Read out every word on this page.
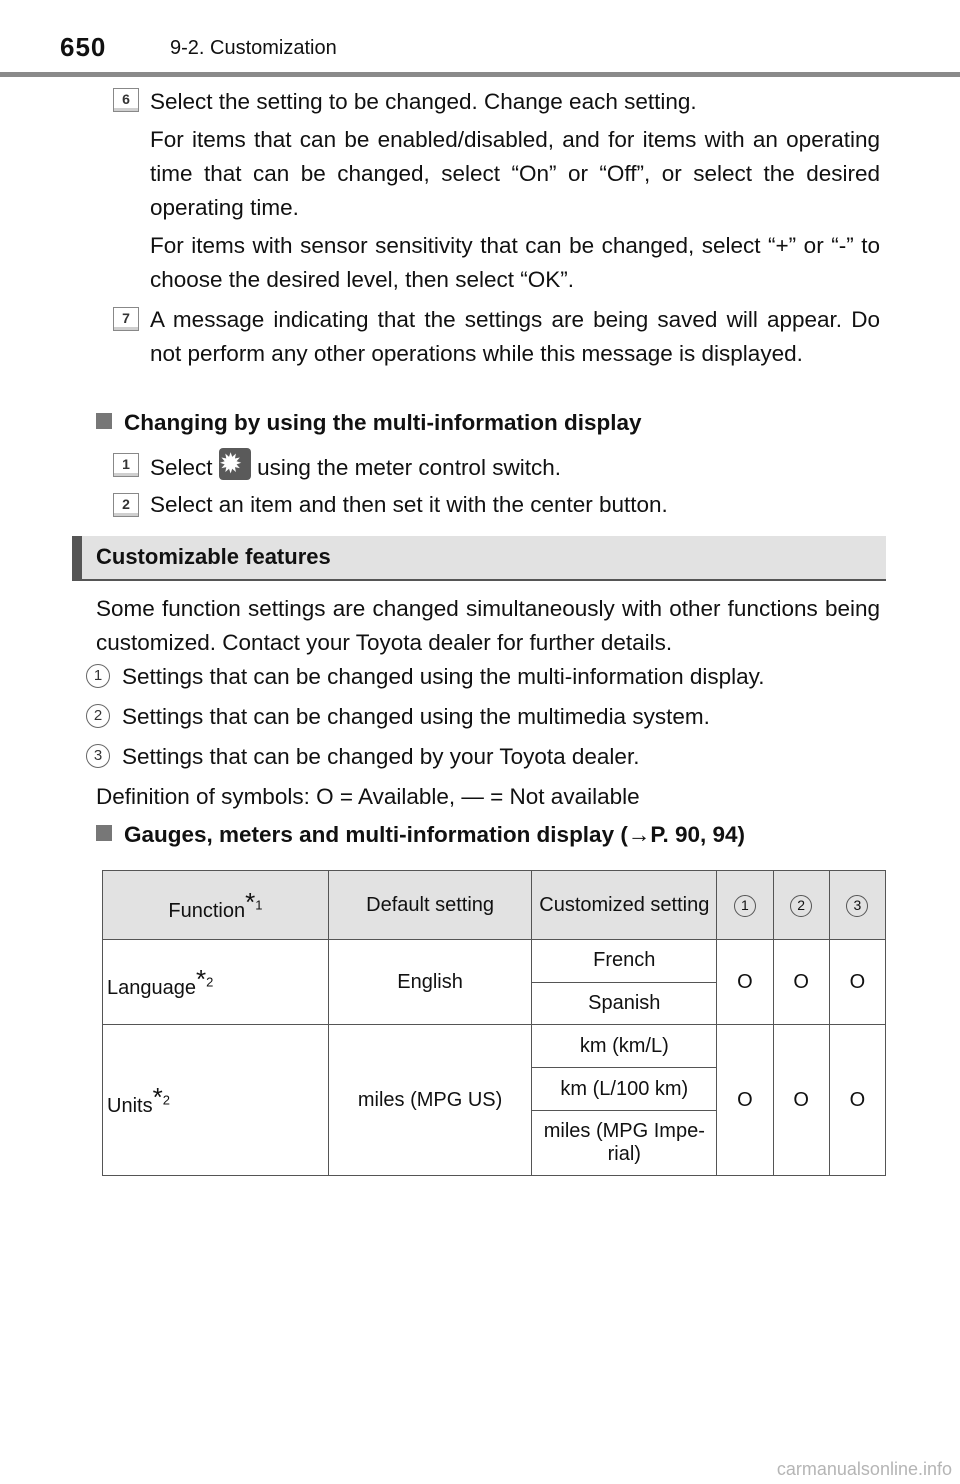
650	9-2. Customization
6 Select the setting to be changed. Change each setting.
For items that can be enabled/disabled, and for items with an operating time that can be changed, select “On” or “Off”, or select the desired operating time.
For items with sensor sensitivity that can be changed, select “+” or “-” to choose the desired level, then select “OK”.
7 A message indicating that the settings are being saved will appear. Do not perform any other operations while this message is displayed.
Changing by using the multi-information display
1 Select ✹ using the meter control switch.
2 Select an item and then set it with the center button.
Customizable features
Some function settings are changed simultaneously with other functions being customized. Contact your Toyota dealer for further details.
1 Settings that can be changed using the multi-information display.
2 Settings that can be changed using the multimedia system.
3 Settings that can be changed by your Toyota dealer.
Definition of symbols: O = Available, — = Not available
Gauges, meters and multi-information display (→P. 90, 94)
Function*$^1$	Default setting	Customized setting	1	2	3
Language*$^2$	English	French	O	O	O
		Spanish			
Units*$^2$	miles (MPG US)	km (km/L)	O	O	O
		km (L/100 km)			
		miles (MPG Impe-rial)			
carmanualsonline.info
